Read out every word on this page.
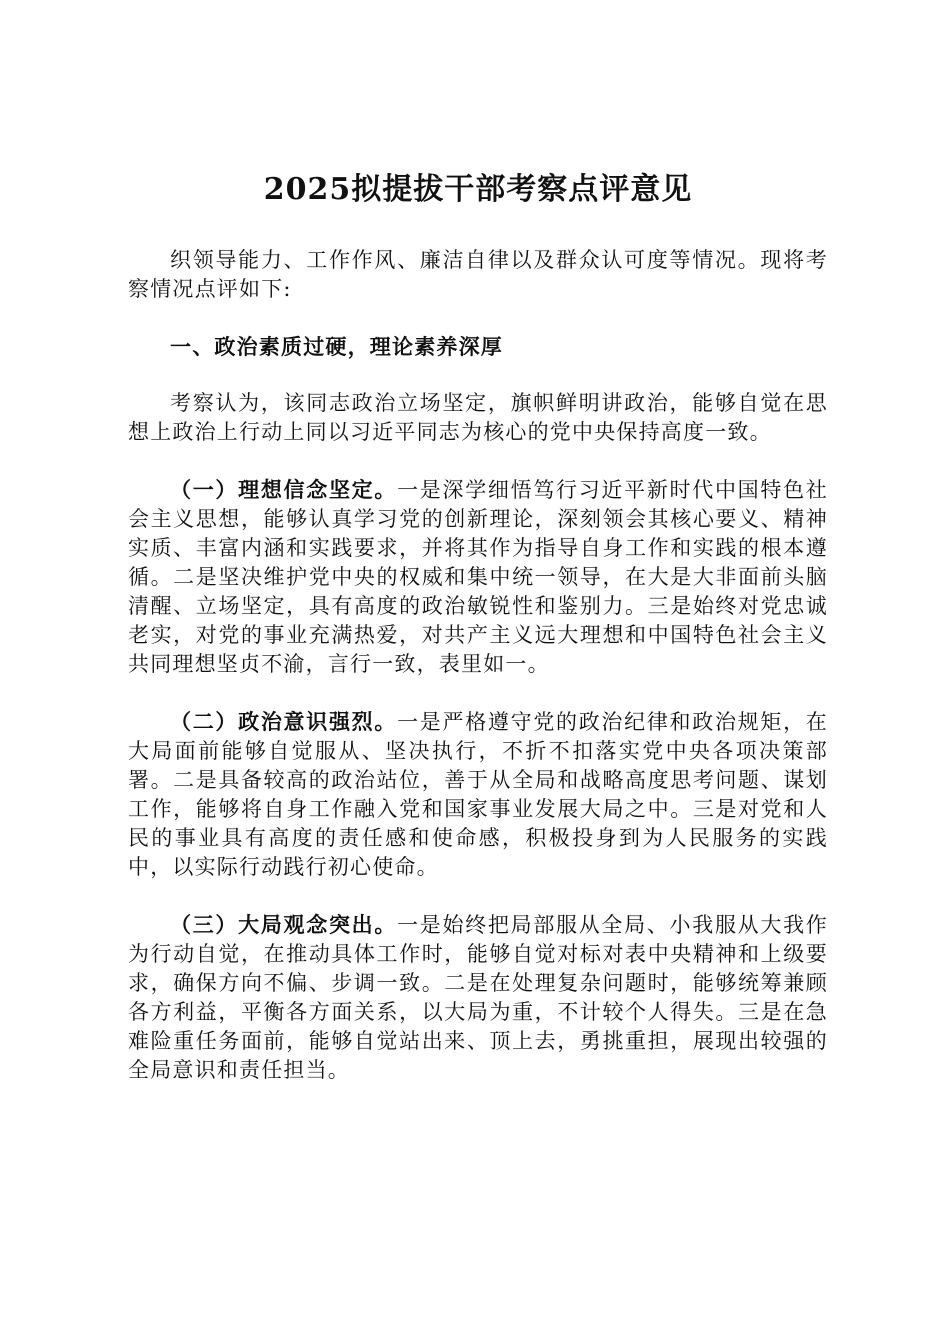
2025拟提拔干部考察点评意见

织领导能力、工作作风、廉洁自律以及群众认可度等情况。现将考察情况点评如下:

一、政治素质过硬，理论素养深厚

考察认为，该同志政治立场坚定，旗帜鲜明讲政治，能够自觉在思想上政治上行动上同以习近平同志为核心的党中央保持高度一致。

（一）理想信念坚定。一是深学细悟笃行习近平新时代中国特色社会主义思想，能够认真学习党的创新理论，深刻领会其核心要义、精神实质、丰富内涵和实践要求，并将其作为指导自身工作和实践的根本遵循。二是坚决维护党中央的权威和集中统一领导，在大是大非面前头脑清醒、立场坚定，具有高度的政治敏锐性和鉴别力。三是始终对党忠诚老实，对党的事业充满热爱，对共产主义远大理想和中国特色社会主义共同理想坚贞不渝，言行一致，表里如一。

（二）政治意识强烈。一是严格遵守党的政治纪律和政治规矩，在大局面前能够自觉服从、坚决执行，不折不扣落实党中央各项决策部署。二是具备较高的政治站位，善于从全局和战略高度思考问题、谋划工作，能够将自身工作融入党和国家事业发展大局之中。三是对党和人民的事业具有高度的责任感和使命感，积极投身到为人民服务的实践中，以实际行动践行初心使命。

（三）大局观念突出。一是始终把局部服从全局、小我服从大我作为行动自觉，在推动具体工作时，能够自觉对标对表中央精神和上级要求，确保方向不偏、步调一致。二是在处理复杂问题时，能够统筹兼顾各方利益，平衡各方面关系，以大局为重，不计较个人得失。三是在急难险重任务面前，能够自觉站出来、顶上去，勇挑重担，展现出较强的全局意识和责任担当。
